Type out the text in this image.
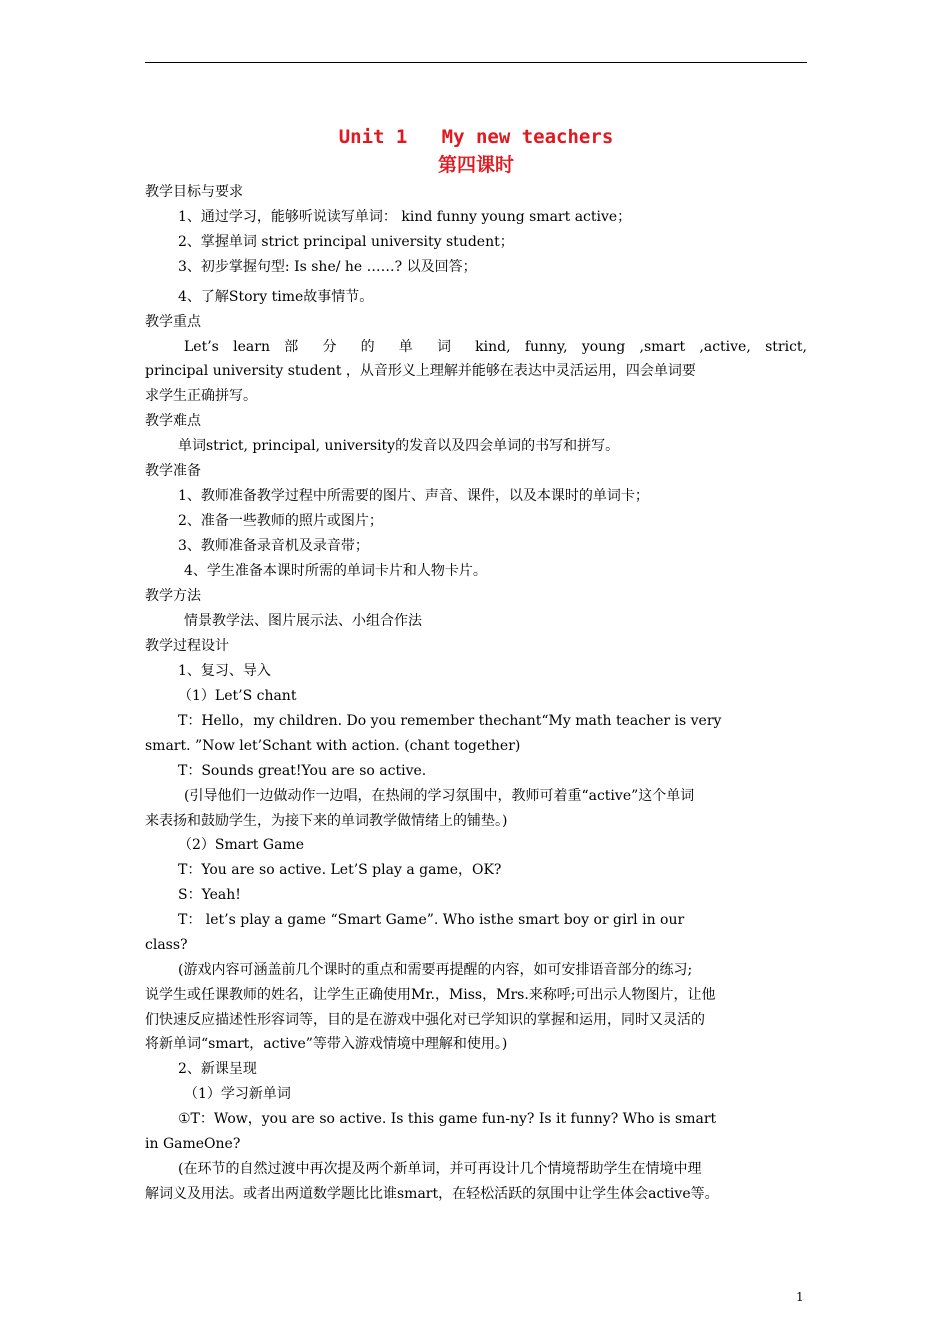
Unit 1   My new teachers
第四课时
教学目标与要求
1、通过学习，能够听说读写单词： kind funny young smart active；
2、掌握单词 strict principal university student；
3、初步掌握句型: Is she/ he ……? 以及回答；
4、了解Story time故事情节。
教学重点
Let’s learn 部 分 的 单 词 kind, funny, young ,smart ,active, strict,
principal university student ，从音形义上理解并能够在表达中灵活运用，四会单词要
求学生正确拼写。
教学难点
单词strict, principal, university的发音以及四会单词的书写和拼写。
教学准备
1、教师准备教学过程中所需要的图片、声音、课件，以及本课时的单词卡；
2、准备一些教师的照片或图片；
3、教师准备录音机及录音带；
4、学生准备本课时所需的单词卡片和人物卡片。
教学方法
情景教学法、图片展示法、小组合作法
教学过程设计
1、复习、导入
（1）Let’S chant
T：Hello，my children. Do you remember thechant“My math teacher is very
smart. ”Now let’Schant with action. (chant together)
T：Sounds great!You are so active.
(引导他们一边做动作一边唱，在热闹的学习氛围中，教师可着重“active”这个单词
来表扬和鼓励学生，为接下来的单词教学做情绪上的铺垫。)
（2）Smart Game
T：You are so active. Let’S play a game，OK?
S：Yeah!
T： let’s play a game “Smart Game”. Who isthe smart boy or girl in our
class?
(游戏内容可涵盖前几个课时的重点和需要再提醒的内容，如可安排语音部分的练习;
说学生或任课教师的姓名，让学生正确使用Mr.，Miss，Mrs.来称呼;可出示人物图片，让他
们快速反应描述性形容词等，目的是在游戏中强化对已学知识的掌握和运用，同时又灵活的
将新单词“smart，active”等带入游戏情境中理解和使用。)
2、新课呈现
（1）学习新单词
①T：Wow，you are so active. Is this game fun-ny? Is it funny? Who is smart
in GameOne?
(在环节的自然过渡中再次提及两个新单词，并可再设计几个情境帮助学生在情境中理
解词义及用法。或者出两道数学题比比谁smart，在轻松活跃的氛围中让学生体会active等。
1
